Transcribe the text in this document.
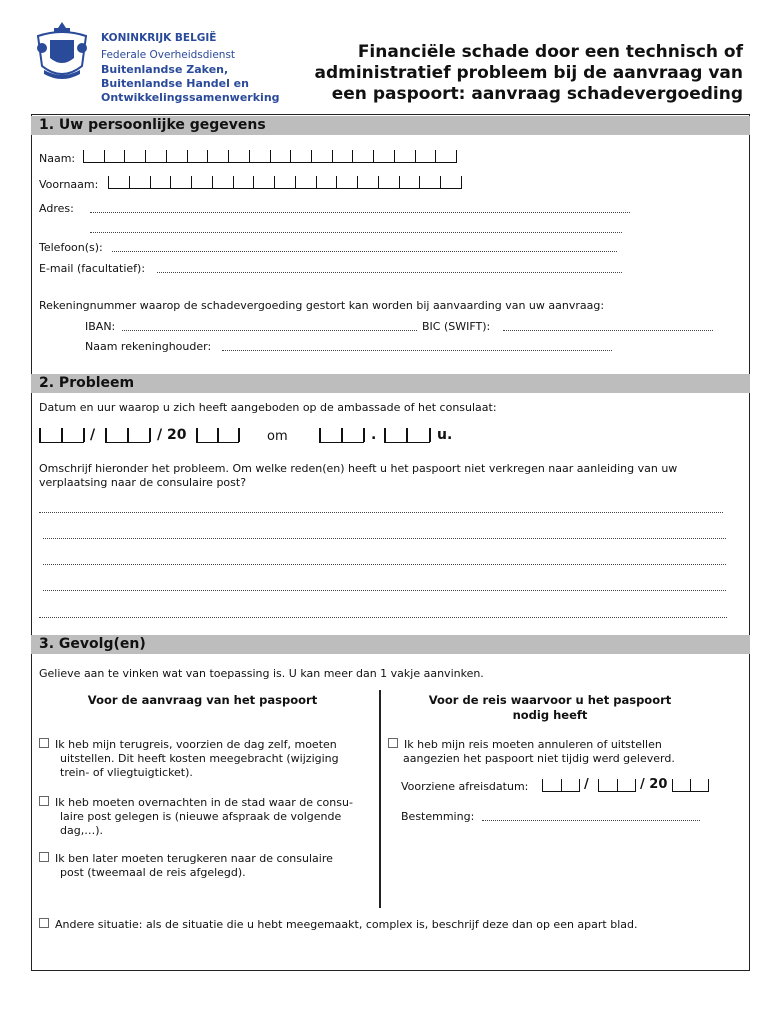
KONINKRIJK BELGIË
Federale Overheidsdienst
Buitenlandse Zaken,
Buitenlandse Handel en
Ontwikkelingssamenwerking
Financiële schade door een technisch of
administratief probleem bij de aanvraag van
een paspoort: aanvraag schadevergoeding
1. Uw persoonlijke gegevens
Naam:
Voornaam:
Adres:
Telefoon(s):
E-mail (facultatief):
Rekeningnummer waarop de schadevergoeding gestort kan worden bij aanvaarding van uw aanvraag:
IBAN:	BIC (SWIFT):
Naam rekeninghouder:
2. Probleem
Datum en uur waarop u zich heeft aangeboden op de ambassade of het consulaat:
/	/ 20	om	.	u.
Omschrijf hieronder het probleem. Om welke reden(en) heeft u het paspoort niet verkregen naar aanleiding van uw verplaatsing naar de consulaire post?
3. Gevolg(en)
Gelieve aan te vinken wat van toepassing is. U kan meer dan 1 vakje aanvinken.
Voor de aanvraag van het paspoort	Voor de reis waarvoor u het paspoort
nodig heeft
Ik heb mijn terugreis, voorzien de dag zelf, moeten
uitstellen. Dit heeft kosten meegebracht (wijziging
trein- of vliegtuigticket).
Ik heb moeten overnachten in de stad waar de consu-
laire post gelegen is (nieuwe afspraak de volgende
dag,…).
Ik ben later moeten terugkeren naar de consulaire
post (tweemaal de reis afgelegd).
Ik heb mijn reis moeten annuleren of uitstellen
aangezien het paspoort niet tijdig werd geleverd.
Voorziene afreisdatum:	/	/ 20
Bestemming:
Andere situatie: als de situatie die u hebt meegemaakt, complex is, beschrijf deze dan op een apart blad.
